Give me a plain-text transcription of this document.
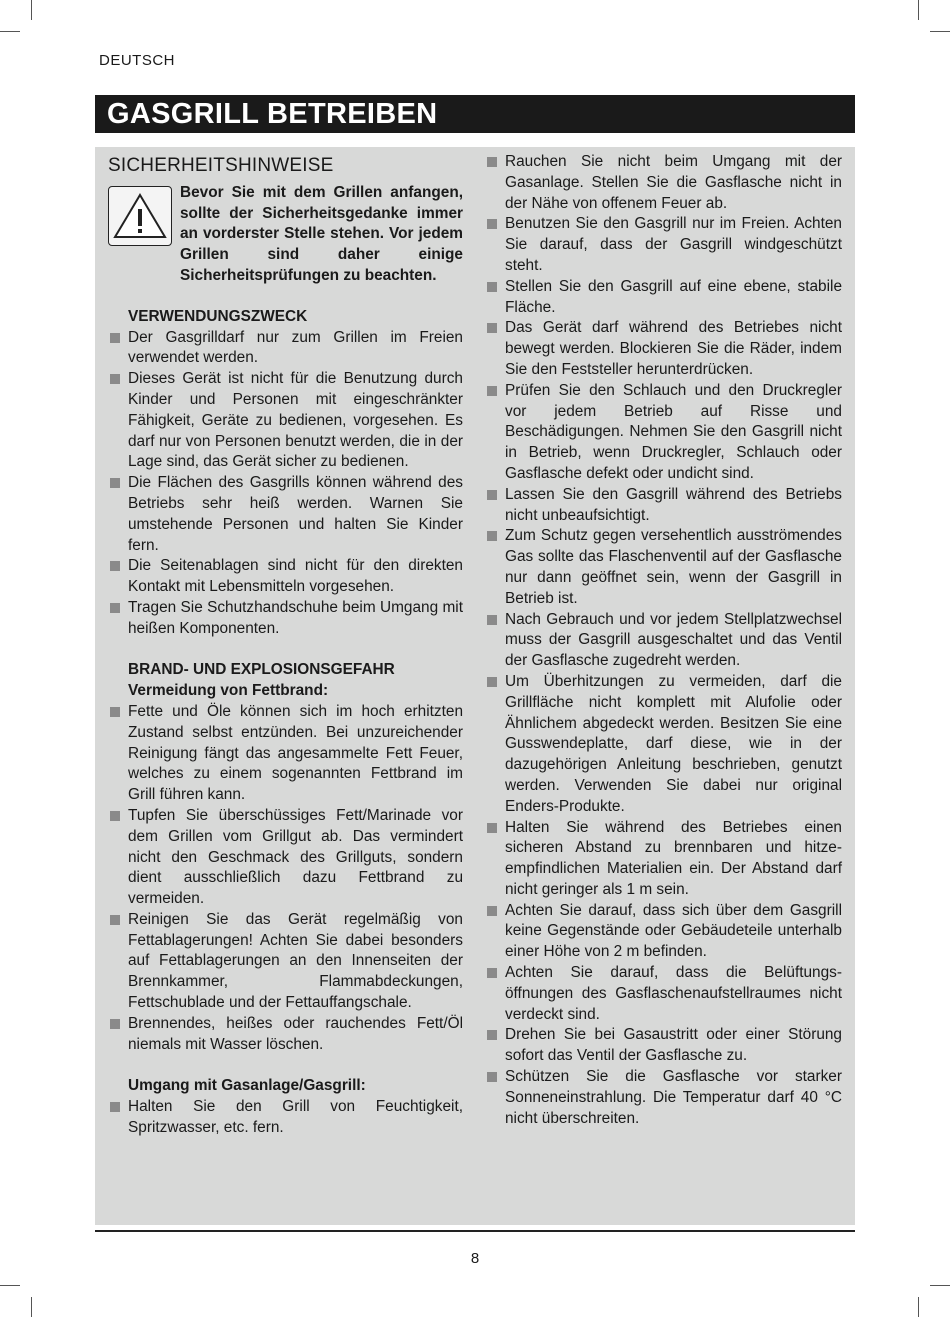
DEUTSCH
GASGRILL BETREIBEN
SICHERHEITSHINWEISE
Bevor Sie mit dem Grillen anfangen, sollte der Sicherheitsgedanke immer an vorderster Stelle stehen. Vor jedem Grillen sind daher einige Sicherheitsprüfungen zu beachten.
VERWENDUNGSZWECK
Der Gasgrilldarf nur zum Grillen im Freien verwendet werden.
Dieses Gerät ist nicht für die Benutzung durch Kinder und Personen mit eingeschränkter Fähigkeit, Geräte zu bedienen, vorgesehen. Es darf nur von Personen benutzt werden, die in der Lage sind, das Gerät sicher zu bedienen.
Die Flächen des Gasgrills können während des Betriebs sehr heiß werden. Warnen Sie umstehende Personen und halten Sie Kinder fern.
Die Seitenablagen sind nicht für den direkten Kontakt mit Lebensmitteln vorgesehen.
Tragen Sie Schutzhandschuhe beim Umgang mit heißen Komponenten.
BRAND- UND EXPLOSIONSGEFAHR
Vermeidung von Fettbrand:
Fette und Öle können sich im hoch erhitzten Zustand selbst entzünden. Bei unzureichender Reinigung fängt das angesammelte Fett Feuer, welches zu einem sogenannten Fettbrand im Grill führen kann.
Tupfen Sie überschüssiges Fett/Marinade vor dem Grillen vom Grillgut ab. Das vermindert nicht den Geschmack des Grillguts, sondern dient ausschließlich dazu Fettbrand zu vermeiden.
Reinigen Sie das Gerät regelmäßig von Fettablagerungen! Achten Sie dabei besonders auf Fettablagerungen an den Innenseiten der Brennkammer, Flammabdeckungen, Fettschublade und der Fettauffangschale.
Brennendes, heißes oder rauchendes Fett/Öl niemals mit Wasser löschen.
Umgang mit Gasanlage/Gasgrill:
Halten Sie den Grill von Feuchtigkeit, Spritzwasser, etc. fern.
Rauchen Sie nicht beim Umgang mit der Gasanlage. Stellen Sie die Gasflasche nicht in der Nähe von offenem Feuer ab.
Benutzen Sie den Gasgrill nur im Freien. Achten Sie darauf, dass der Gasgrill windgeschützt steht.
Stellen Sie den Gasgrill auf eine ebene, stabile Fläche.
Das Gerät darf während des Betriebes nicht bewegt werden. Blockieren Sie die Räder, indem Sie den Feststeller herunterdrücken.
Prüfen Sie den Schlauch und den Druckregler vor jedem Betrieb auf Risse und Beschädigungen. Nehmen Sie den Gasgrill nicht in Betrieb, wenn Druckregler, Schlauch oder Gasflasche defekt oder undicht sind.
Lassen Sie den Gasgrill während des Betriebs nicht unbeaufsichtigt.
Zum Schutz gegen versehentlich ausströmendes Gas sollte das Flaschenventil auf der Gasflasche nur dann geöffnet sein, wenn der Gasgrill in Betrieb ist.
Nach Gebrauch und vor jedem Stellplatzwechsel muss der Gasgrill ausgeschaltet und das Ventil der Gasflasche zugedreht werden.
Um Überhitzungen zu vermeiden, darf die Grillfläche nicht komplett mit Alufolie oder Ähnlichem abgedeckt werden. Besitzen Sie eine Gusswendeplatte, darf diese, wie in der dazugehörigen Anleitung beschrieben, genutzt werden. Verwenden Sie dabei nur original Enders-Produkte.
Halten Sie während des Betriebes einen sicheren Abstand zu brennbaren und hitze-empfindlichen Materialien ein. Der Abstand darf nicht geringer als 1 m sein.
Achten Sie darauf, dass sich über dem Gasgrill keine Gegenstände oder Gebäudeteile unterhalb einer Höhe von 2 m befinden.
Achten Sie darauf, dass die Belüftungs-öffnungen des Gasflaschenaufstellraumes nicht verdeckt sind.
Drehen Sie bei Gasaustritt oder einer Störung sofort das Ventil der Gasflasche zu.
Schützen Sie die Gasflasche vor starker Sonneneinstrahlung. Die Temperatur darf 40 °C nicht überschreiten.
8
